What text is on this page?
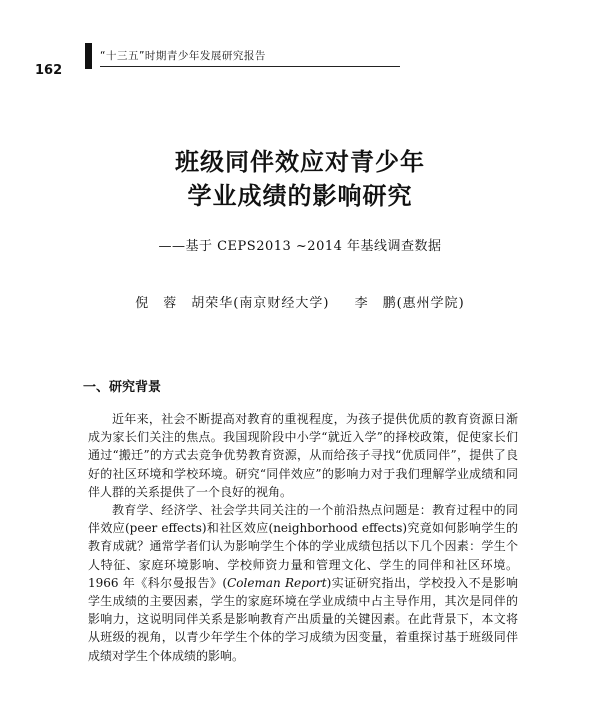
162
“十三五”时期青少年发展研究报告
班级同伴效应对青少年
学业成绩的影响研究
——基于 CEPS2013 ~2014 年基线调查数据
倪　蓉　胡荣华(南京财经大学) 李　鹏(惠州学院)
一、研究背景

近年来，社会不断提高对教育的重视程度，为孩子提供优质的教育资源日渐成为家长们关注的焦点。我国现阶段中小学“就近入学”的择校政策，促使家长们通过“搬迁”的方式去竞争优势教育资源，从而给孩子寻找“优质同伴”，提供了良好的社区环境和学校环境。研究“同伴效应”的影响力对于我们理解学业成绩和同伴人群的关系提供了一个良好的视角。

教育学、经济学、社会学共同关注的一个前沿热点问题是：教育过程中的同伴效应(peer effects)和社区效应(neighborhood effects)究竟如何影响学生的教育成就？通常学者们认为影响学生个体的学业成绩包括以下几个因素：学生个人特征、家庭环境影响、学校师资力量和管理文化、学生的同伴和社区环境。1966 年《科尔曼报告》(Coleman Report)实证研究指出，学校投入不是影响学生成绩的主要因素，学生的家庭环境在学业成绩中占主导作用，其次是同伴的影响力，这说明同伴关系是影响教育产出质量的关键因素。在此背景下，本文将从班级的视角，以青少年学生个体的学习成绩为因变量，着重探讨基于班级同伴成绩对学生个体成绩的影响。
